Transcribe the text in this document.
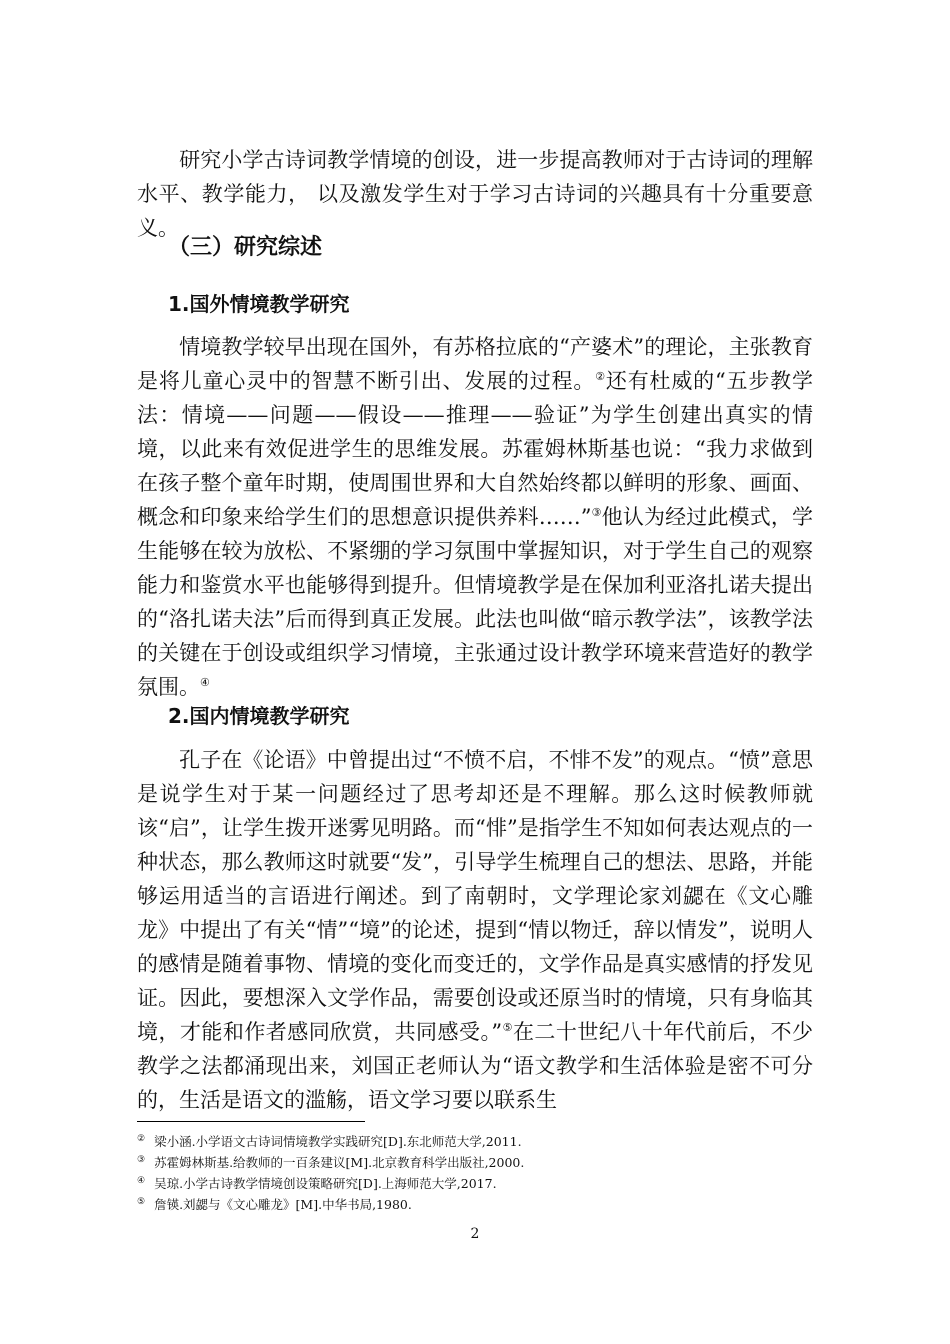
研究小学古诗词教学情境的创设，进一步提高教师对于古诗词的理解水平、教学能力， 以及激发学生对于学习古诗词的兴趣具有十分重要意义。

（三）研究综述
1.国外情境教学研究

情境教学较早出现在国外，有苏格拉底的“产婆术”的理论，主张教育是将儿童心灵中的智慧不断引出、发展的过程。②还有杜威的“五步教学法：情境——问题——假设——推理——验证”为学生创建出真实的情境，以此来有效促进学生的思维发展。苏霍姆林斯基也说：“我力求做到在孩子整个童年时期，使周围世界和大自然始终都以鲜明的形象、画面、概念和印象来给学生们的思想意识提供养料……”③他认为经过此模式，学生能够在较为放松、不紧绷的学习氛围中掌握知识，对于学生自己的观察能力和鉴赏水平也能够得到提升。但情境教学是在保加利亚洛扎诺夫提出的“洛扎诺夫法”后而得到真正发展。此法也叫做“暗示教学法”，该教学法的关键在于创设或组织学习情境，主张通过设计教学环境来营造好的教学氛围。④

2.国内情境教学研究

孔子在《论语》中曾提出过“不愤不启，不悱不发”的观点。“愤”意思是说学生对于某一问题经过了思考却还是不理解。那么这时候教师就该“启”，让学生拨开迷雾见明路。而“悱”是指学生不知如何表达观点的一种状态，那么教师这时就要“发”，引导学生梳理自己的想法、思路，并能够运用适当的言语进行阐述。到了南朝时，文学理论家刘勰在《文心雕龙》中提出了有关“情”“境”的论述，提到“情以物迁，辞以情发”，说明人的感情是随着事物、情境的变化而变迁的，文学作品是真实感情的抒发见证。因此，要想深入文学作品，需要创设或还原当时的情境，只有身临其境，才能和作者感同欣赏，共同感受。”⑤在二十世纪八十年代前后，不少教学之法都涌现出来，刘国正老师认为“语文教学和生活体验是密不可分的，生活是语文的滥觞，语文学习要以联系生

② 梁小涵.小学语文古诗词情境教学实践研究[D].东北师范大学,2011.

③ 苏霍姆林斯基.给教师的一百条建议[M].北京教育科学出版社,2000.

④ 吴琼.小学古诗教学情境创设策略研究[D].上海师范大学,2017.

⑤ 詹锳.刘勰与《文心雕龙》[M].中华书局,1980.

2
